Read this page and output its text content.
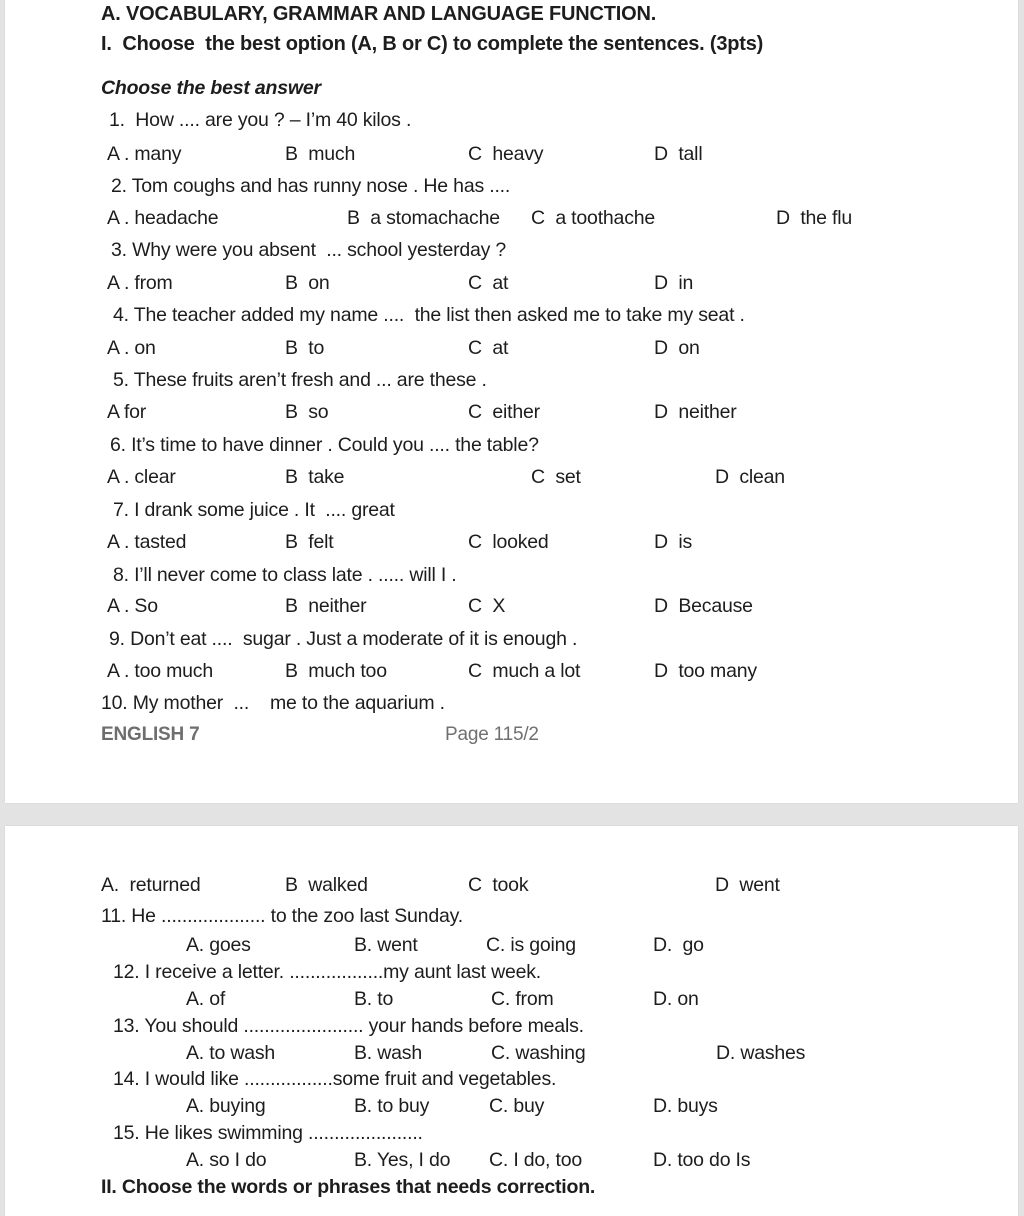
A. VOCABULARY, GRAMMAR AND LANGUAGE FUNCTION.
I.  Choose  the best option (A, B or C) to complete the sentences. (3pts)
Choose the best answer
1.  How .... are you ? – I’m 40 kilos .
A . many	B  much	C  heavy	D  tall
2. Tom coughs and has runny nose . He has ....
A . headache	B  a stomachache C  a toothache	D  the flu
3. Why were you absent  ... school yesterday ?
A . from	B  on	C  at	D  in
4. The teacher added my name ....  the list then asked me to take my seat .
A . on	B  to	C  at	D  on
5. These fruits aren’t fresh and ... are these .
A for	B  so	C  either	D  neither
6. It’s time to have dinner . Could you .... the table?
A . clear	B  take	C  set	D  clean
7. I drank some juice . It  .... great
A . tasted	B  felt	C  looked	D  is
8. I’ll never come to class late . ..... will I .
A . So	B  neither	C  X	D  Because
9. Don’t eat ....  sugar . Just a moderate of it is enough .
A . too much	B  much too	C  much a lot	D  too many
10. My mother  ...    me to the aquarium .
ENGLISH 7	Page 115/2
A.  returned	B  walked	C  took	D  went
11. He .................... to the zoo last Sunday.
A. goes	B. went	C. is going	D.  go
12. I receive a letter. ..................my aunt last week.
A. of	B. to	C. from	D. on
13. You should ....................... your hands before meals.
A. to wash	B. wash	C. washing	D. washes
14. I would like .................some fruit and vegetables.
A. buying	B. to buy	C. buy	D. buys
15. He likes swimming ......................
A. so I do	B. Yes, I do C. I do, too	D. too do Is
II. Choose the words or phrases that needs correction.
